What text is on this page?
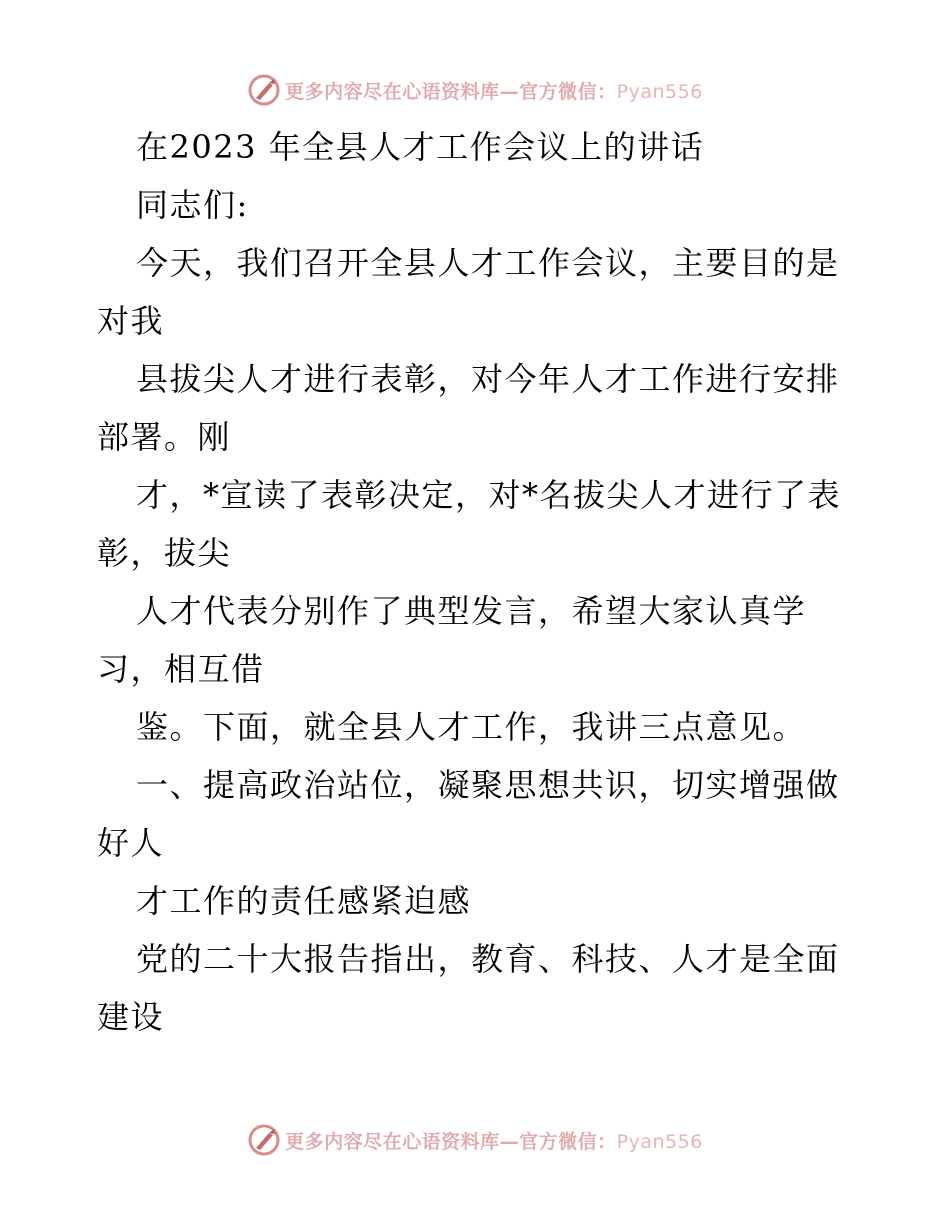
更多内容尽在心语资料库—官方微信：Pyan556
在2023 年全县人才工作会议上的讲话
同志们:
今天，我们召开全县人才工作会议，主要目的是
对我
县拔尖人才进行表彰，对今年人才工作进行安排
部署。刚
才，*宣读了表彰决定，对*名拔尖人才进行了表
彰，拔尖
人才代表分别作了典型发言，希望大家认真学
习，相互借
鉴。下面，就全县人才工作，我讲三点意见。
一、提高政治站位，凝聚思想共识，切实增强做
好人
才工作的责任感紧迫感
党的二十大报告指出，教育、科技、人才是全面
建设
更多内容尽在心语资料库—官方微信：Pyan556
